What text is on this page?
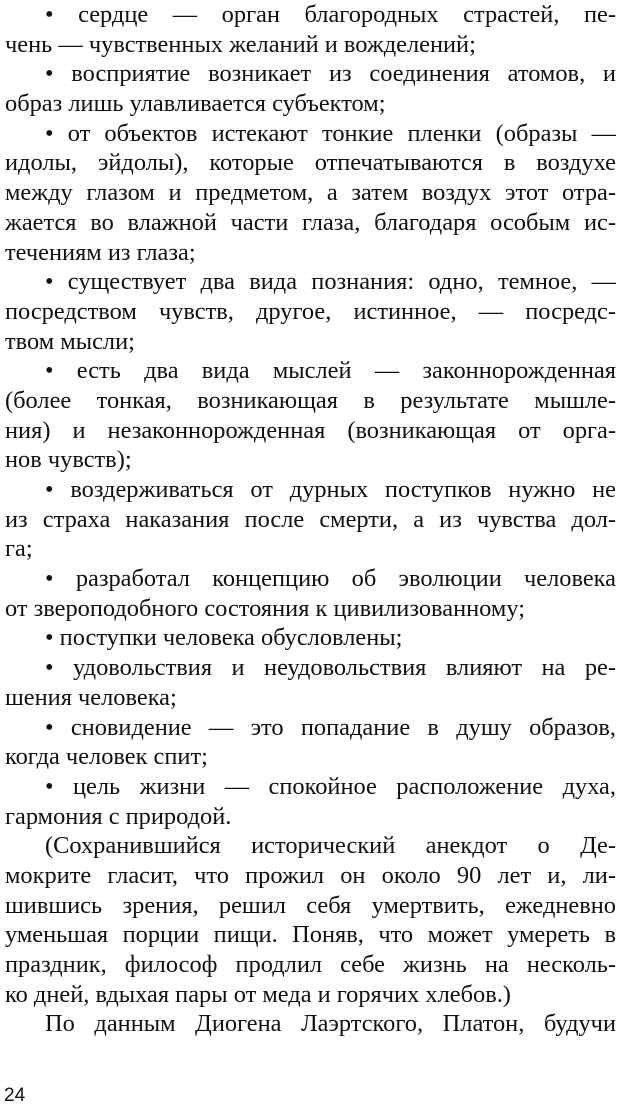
• сердце — орган благородных страстей, пе-
чень — чувственных желаний и вожделений;
• восприятие возникает из соединения атомов, и
образ лишь улавливается субъектом;
• от объектов истекают тонкие пленки (образы —
идолы, эйдолы), которые отпечатываются в воздухе
между глазом и предметом, а затем воздух этот отра-
жается во влажной части глаза, благодаря особым ис-
течениям из глаза;
• существует два вида познания: одно, темное, —
посредством чувств, другое, истинное, — посредс-
твом мысли;
• есть два вида мыслей — законнорожденная
(более тонкая, возникающая в результате мышле-
ния) и незаконнорожденная (возникающая от орга-
нов чувств);
• воздерживаться от дурных поступков нужно не
из страха наказания после смерти, а из чувства дол-
га;
• разработал концепцию об эволюции человека
от звероподобного состояния к цивилизованному;
• поступки человека обусловлены;
• удовольствия и неудовольствия влияют на ре-
шения человека;
• сновидение — это попадание в душу образов,
когда человек спит;
• цель жизни — спокойное расположение духа,
гармония с природой.
(Сохранившийся исторический анекдот о Де-
мокрите гласит, что прожил он около 90 лет и, ли-
шившись зрения, решил себя умертвить, ежедневно
уменьшая порции пищи. Поняв, что может умереть в
праздник, философ продлил себе жизнь на несколь-
ко дней, вдыхая пары от меда и горячих хлебов.)
По данным Диогена Лаэртского, Платон, будучи
24
